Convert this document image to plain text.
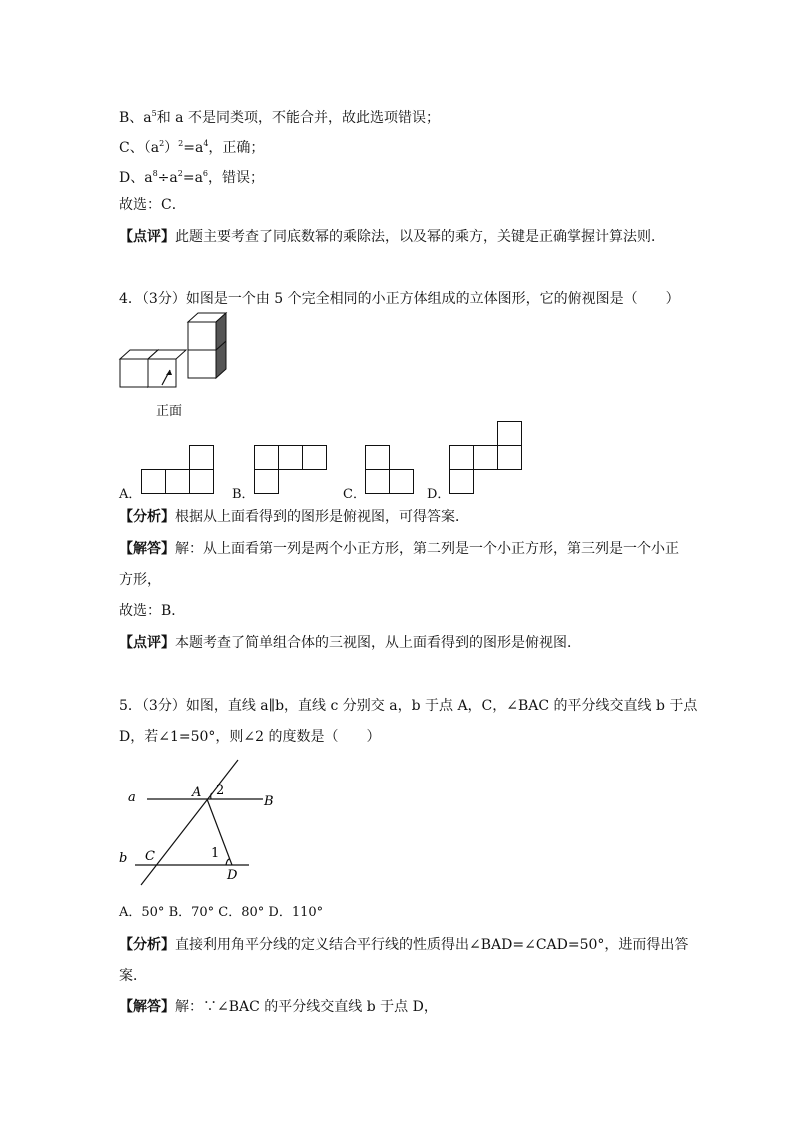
B、$a^5$和 a 不是同类项，不能合并，故此选项错误；
C、$(a^2)^2=a^4$，正确；
D、$a^8\div a^2=a^6$，错误；
故选：C．
【点评】此题主要考查了同底数幂的乘除法，以及幂的乘方，关键是正确掌握计算法则．
4．（3分）如图是一个由 5 个完全相同的小正方体组成的立体图形，它的俯视图是（　　）
正面
A．	B．	C．	D．
【分析】根据从上面看得到的图形是俯视图，可得答案．
【解答】解：从上面看第一列是两个小正方形，第二列是一个小正方形，第三列是一个小正
方形，
故选：B．
【点评】本题考查了简单组合体的三视图，从上面看得到的图形是俯视图．
5．（3分）如图，直线 a∥b，直线 c 分别交 a，b 于点 A，C，∠BAC 的平分线交直线 b 于点
D，若∠1=50°，则∠2 的度数是（　　）
a
b
A
B
C
D
1
2
A．50° B．70° C．80° D．110°
【分析】直接利用角平分线的定义结合平行线的性质得出∠BAD=∠CAD=50°，进而得出答
案．
【解答】解：∵∠BAC 的平分线交直线 b 于点 D，
